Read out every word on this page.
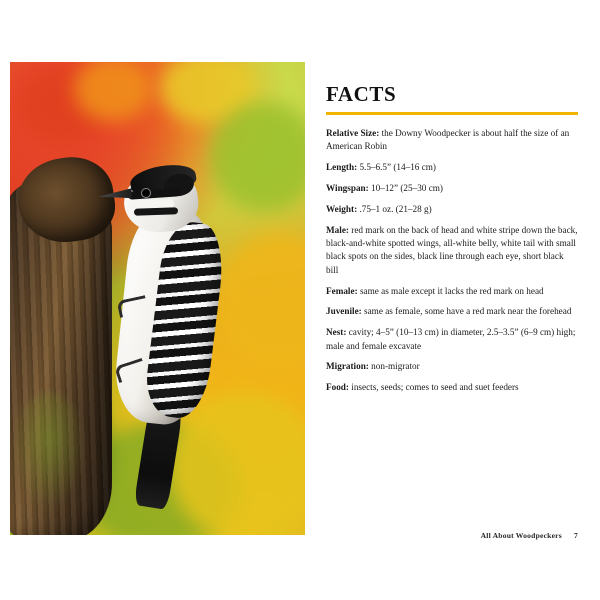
FACTS
Relative Size: the Downy Woodpecker is about half the size of an American Robin
Length: 5.5–6.5” (14–16 cm)
Wingspan: 10–12” (25–30 cm)
Weight: .75–1 oz. (21–28 g)
Male: red mark on the back of head and white stripe down the back, black-and-white spotted wings, all-white belly, white tail with small black spots on the sides, black line through each eye, short black bill
Female: same as male except it lacks the red mark on head
Juvenile: same as female, some have a red mark near the forehead
Nest: cavity; 4–5” (10–13 cm) in diameter, 2.5–3.5” (6–9 cm) high; male and female excavate
Migration: non-migrator
Food: insects, seeds; comes to seed and suet feeders
All About Woodpeckers 7
